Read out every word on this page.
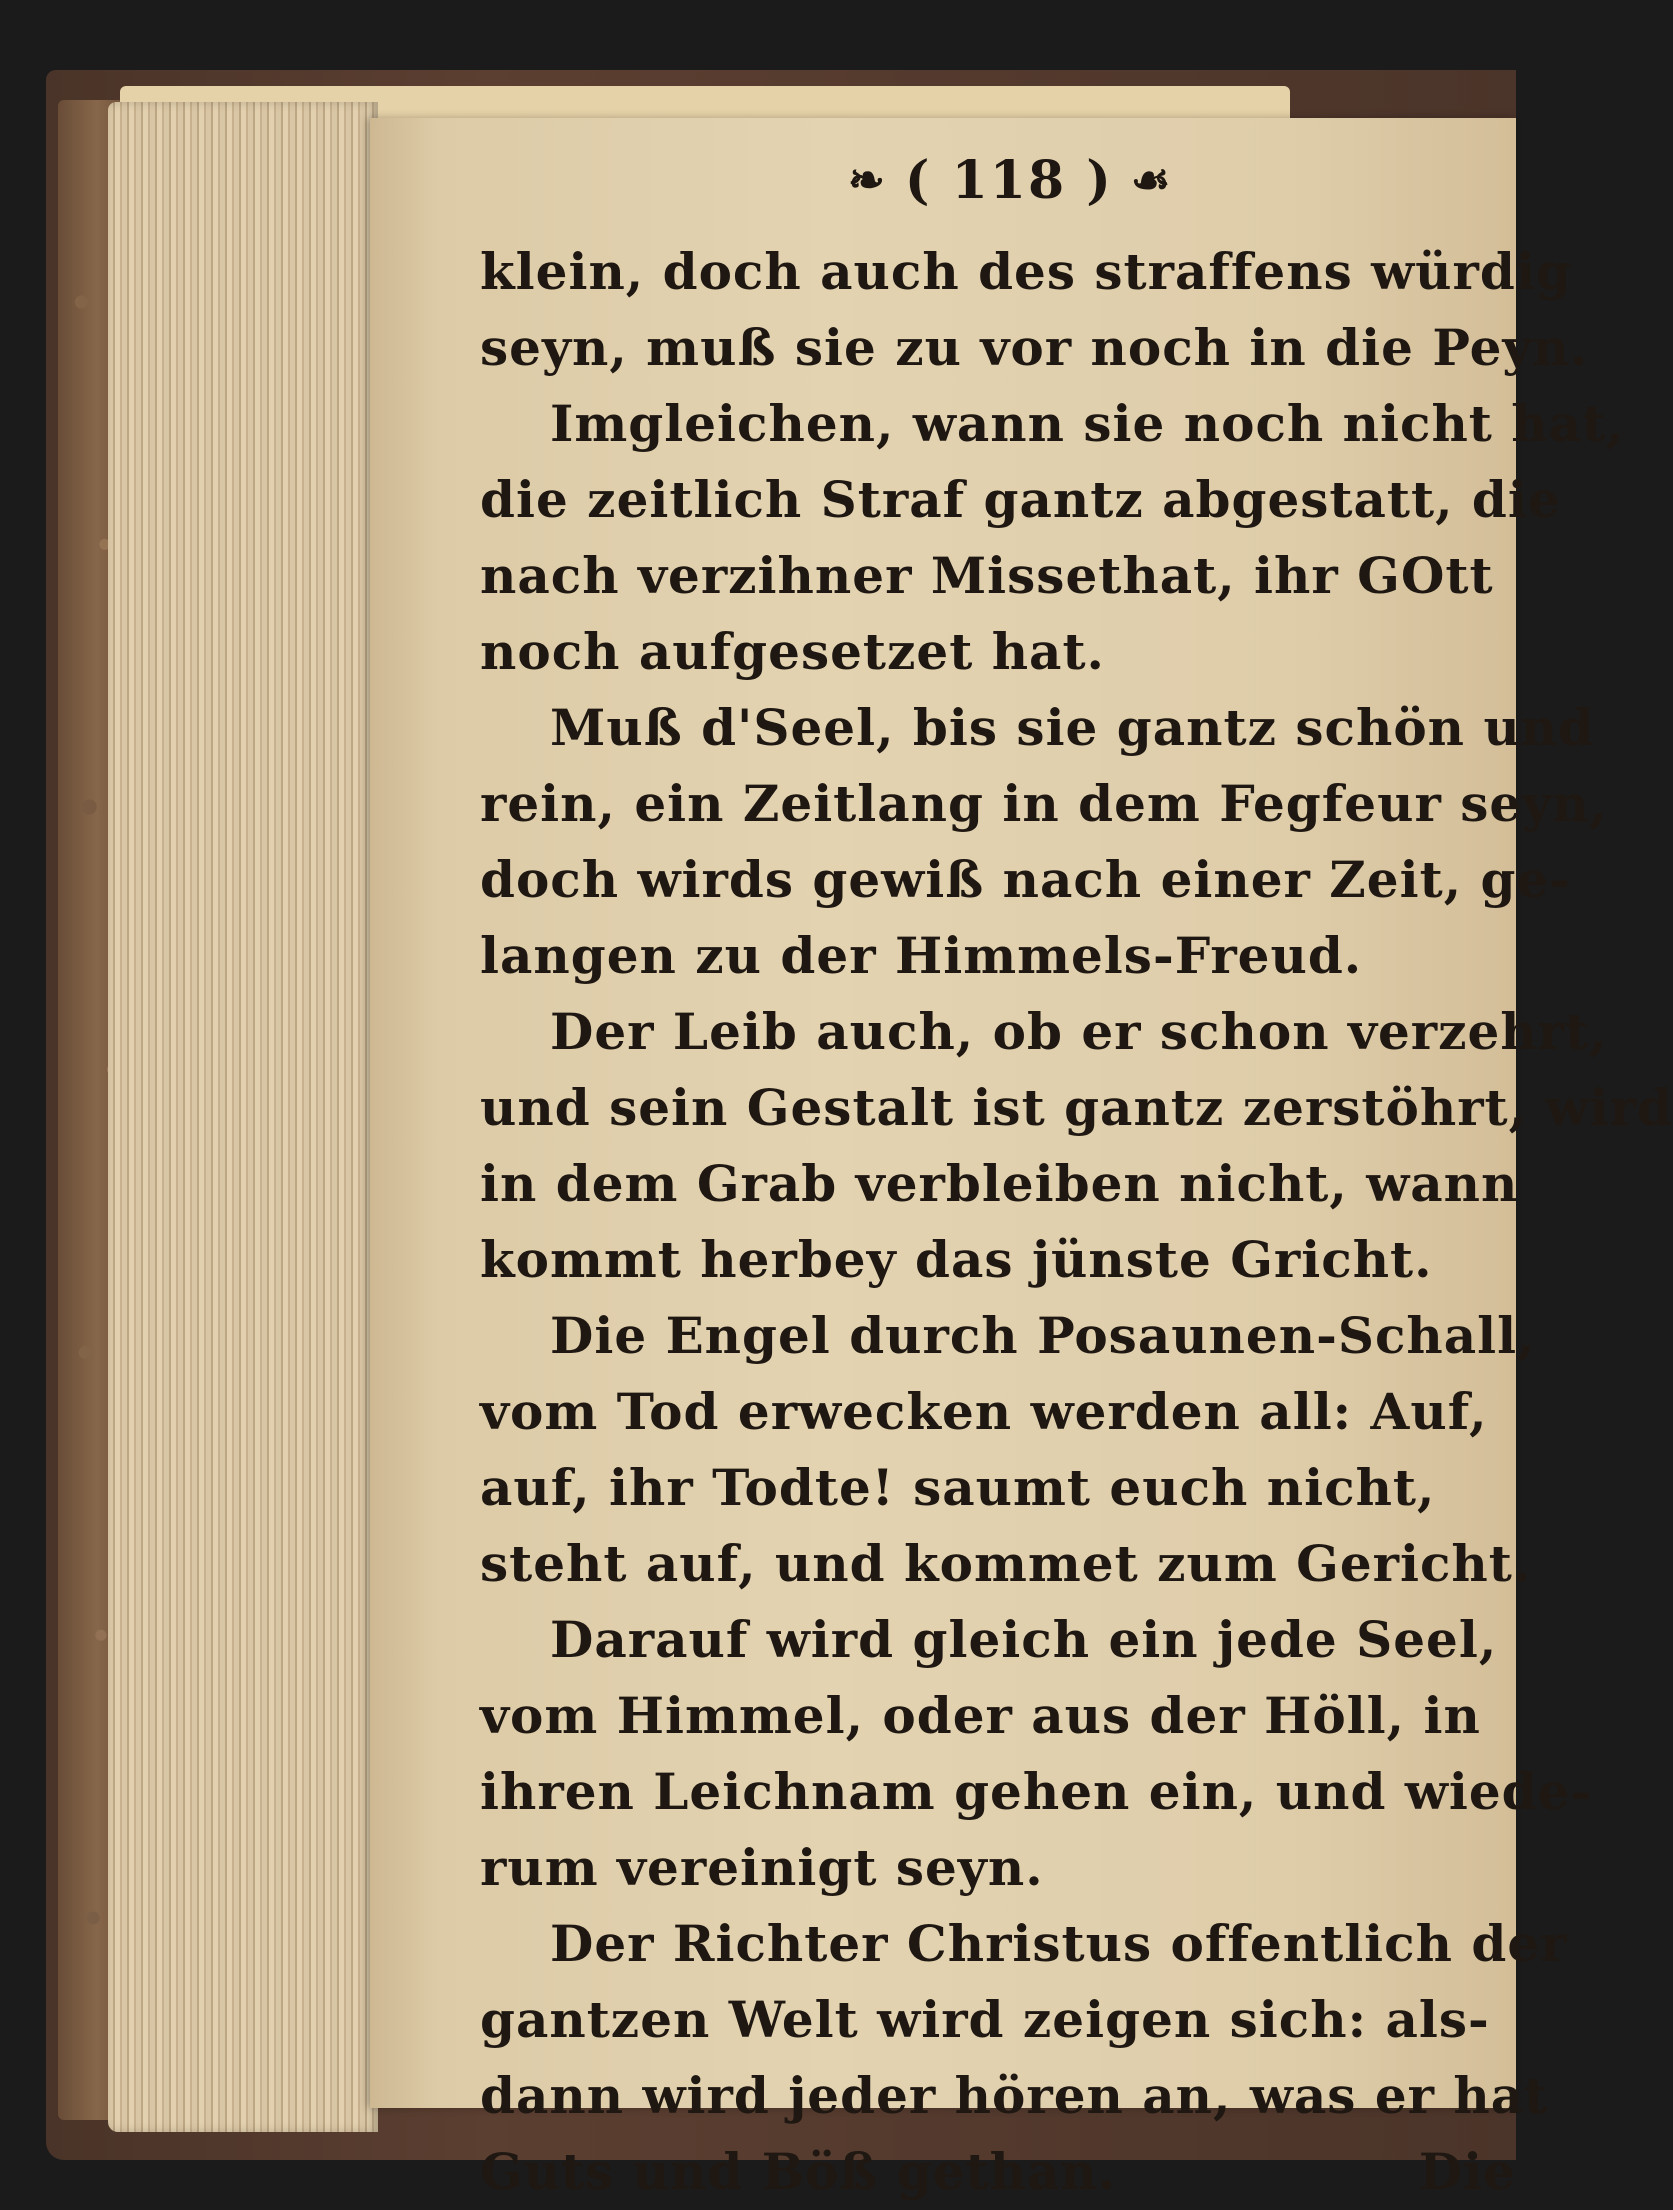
❧ ( 118 ) ☙
klein, doch auch des straffens würdig
seyn, muß sie zu vor noch in die Peyn.
Imgleichen, wann sie noch nicht hat,
die zeitlich Straf gantz abgestatt, die
nach verzihner Missethat, ihr GOtt
noch aufgesetzet hat.
Muß d'Seel, bis sie gantz schön und
rein, ein Zeitlang in dem Fegfeur seyn,
doch wirds gewiß nach einer Zeit, ge-
langen zu der Himmels-Freud.
Der Leib auch, ob er schon verzehrt,
und sein Gestalt ist gantz zerstöhrt, wird
in dem Grab verbleiben nicht, wann
kommt herbey das jünste Gricht.
Die Engel durch Posaunen-Schall,
vom Tod erwecken werden all: Auf,
auf, ihr Todte! saumt euch nicht,
steht auf, und kommet zum Gericht.
Darauf wird gleich ein jede Seel,
vom Himmel, oder aus der Höll, in
ihren Leichnam gehen ein, und wiede-
rum vereinigt seyn.
Der Richter Christus offentlich der
gantzen Welt wird zeigen sich: als-
dann wird jeder hören an, was er hat
Guts und Böß gethan.	Die
